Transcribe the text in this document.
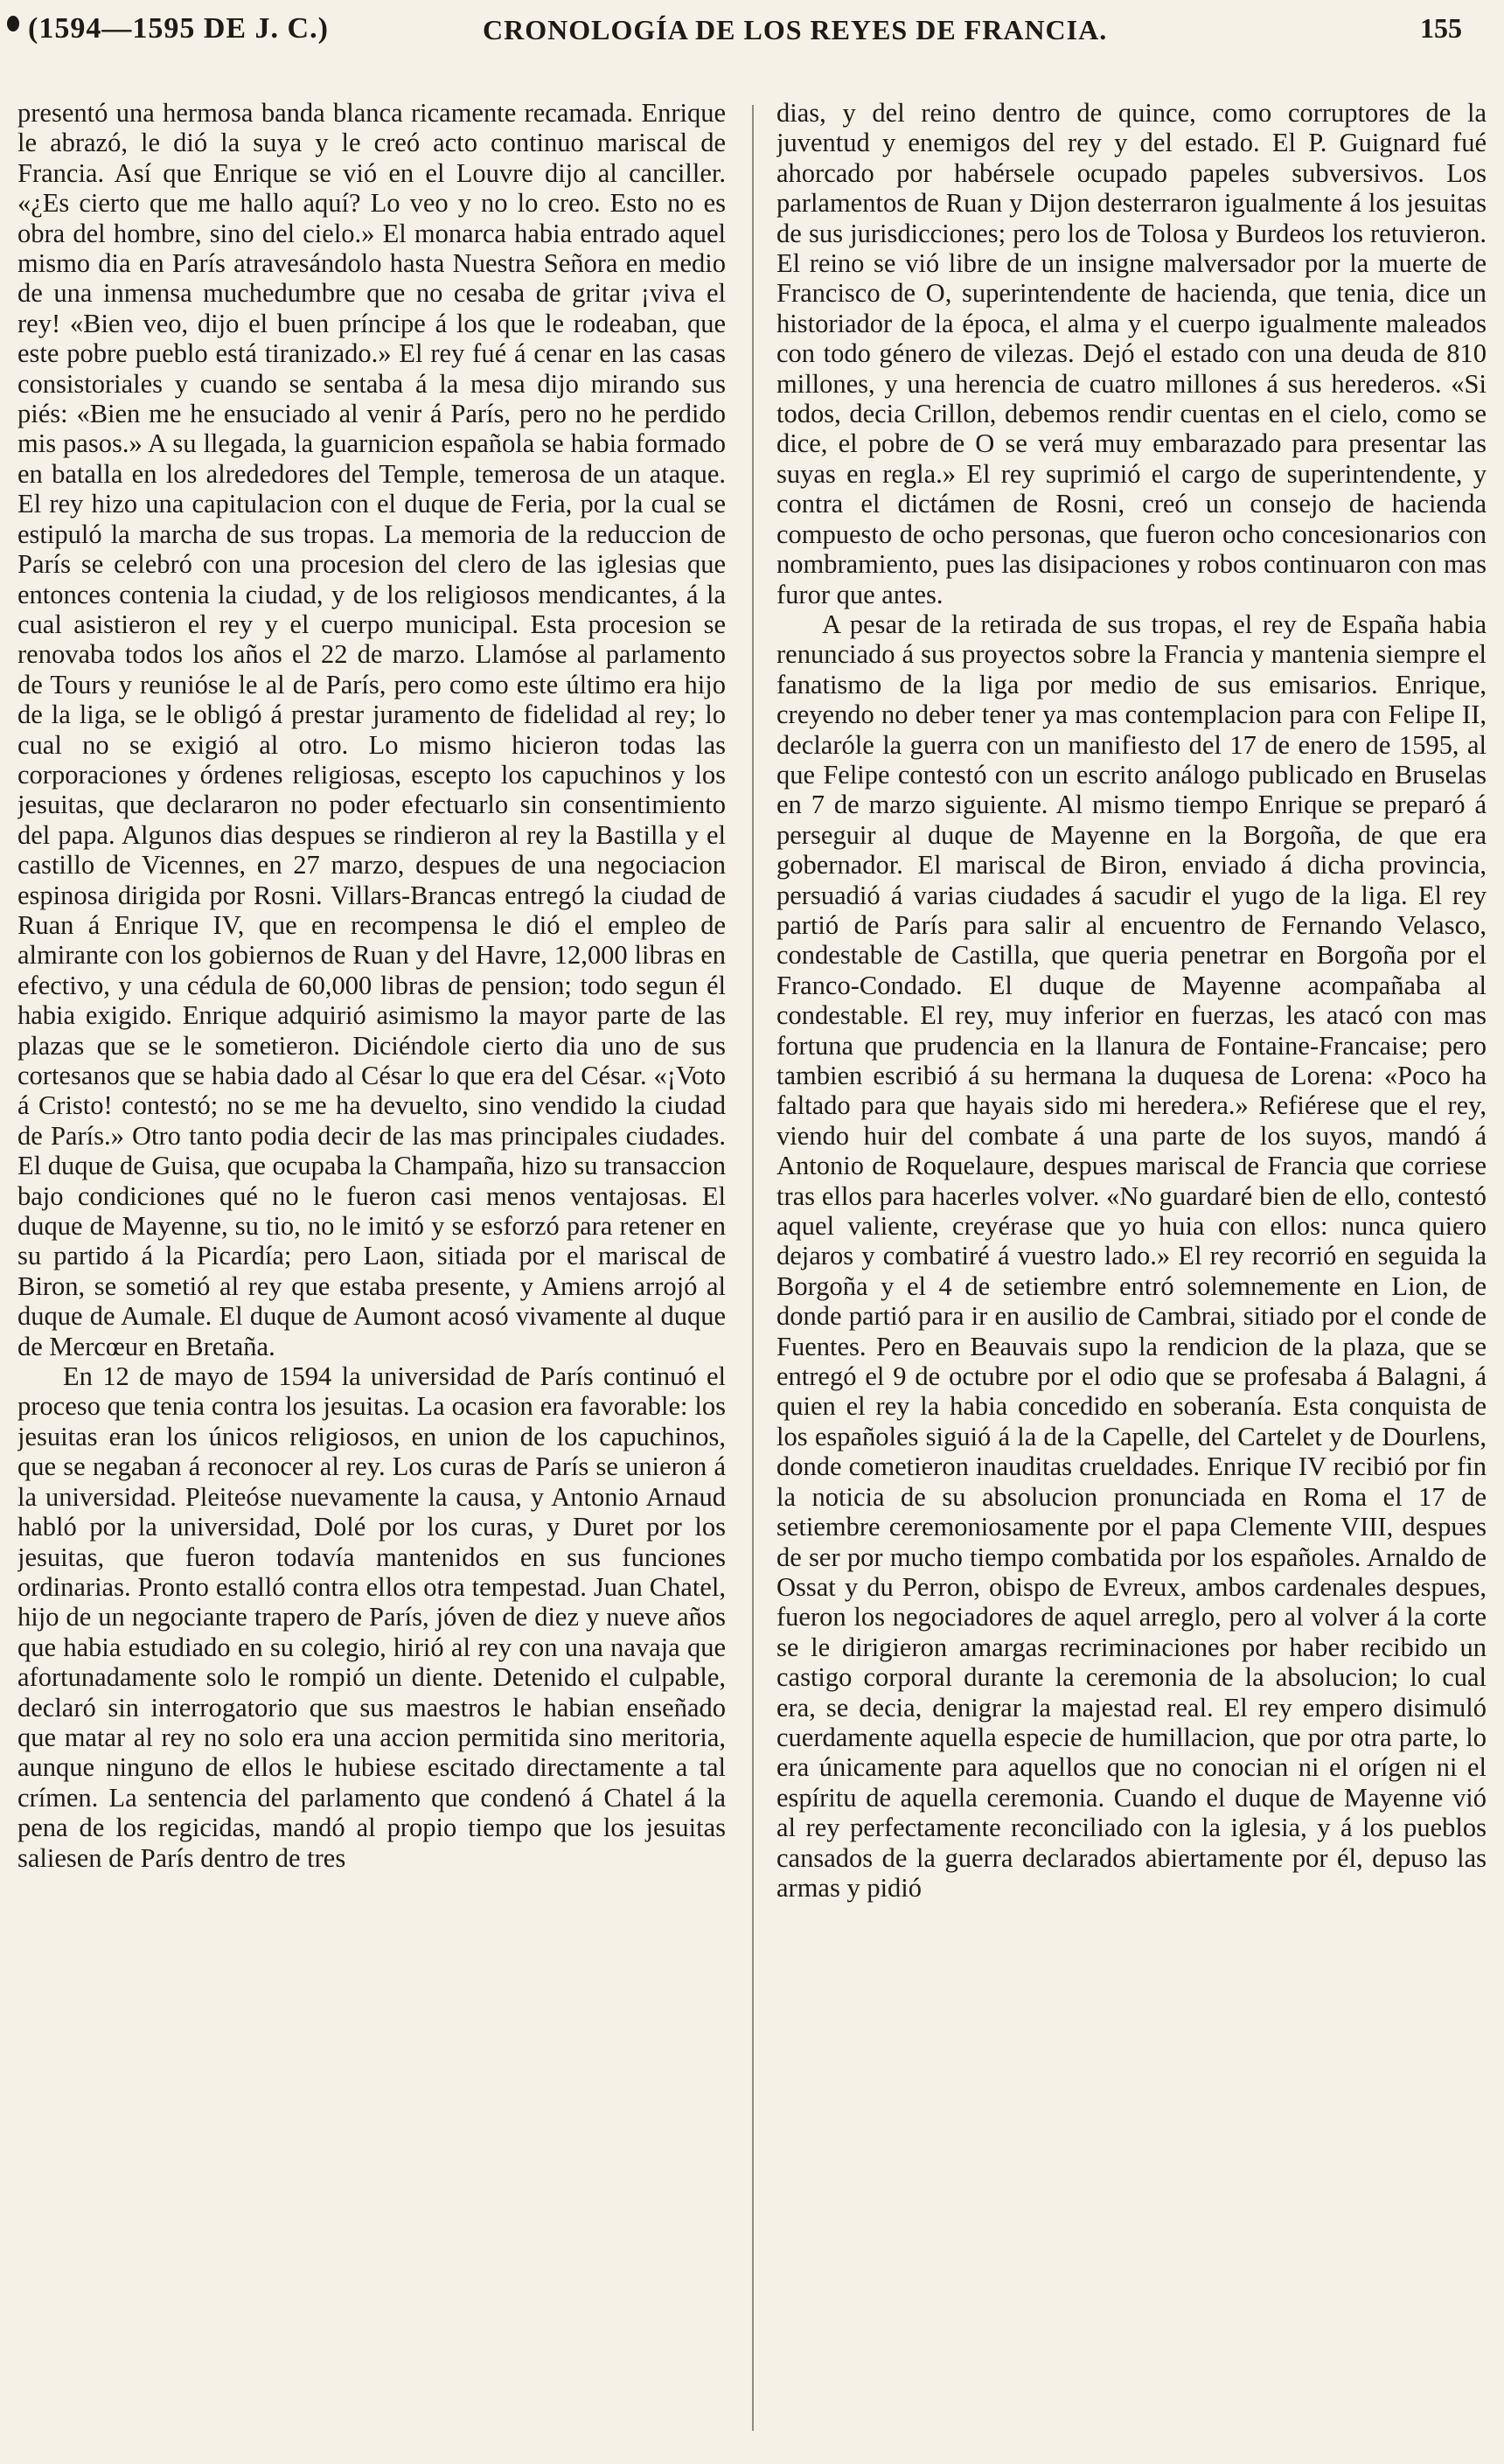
(1594—1595 DE J. C.)	CRONOLOGÍA DE LOS REYES DE FRANCIA.	155

presentó una hermosa banda blanca ricamente recamada. Enrique le abrazó, le dió la suya y le creó acto continuo mariscal de Francia. Así que Enrique se vió en el Louvre dijo al canciller. «¿Es cierto que me hallo aquí? Lo veo y no lo creo. Esto no es obra del hombre, sino del cielo.» El monarca habia entrado aquel mismo dia en París atravesándolo hasta Nuestra Señora en medio de una inmensa muchedumbre que no cesaba de gritar ¡viva el rey! «Bien veo, dijo el buen príncipe á los que le rodeaban, que este pobre pueblo está tiranizado.» El rey fué á cenar en las casas consistoriales y cuando se sentaba á la mesa dijo mirando sus piés: «Bien me he ensuciado al venir á París, pero no he perdido mis pasos.» A su llegada, la guarnicion española se habia formado en batalla en los alrededores del Temple, temerosa de un ataque. El rey hizo una capitulacion con el duque de Feria, por la cual se estipuló la marcha de sus tropas. La memoria de la reduccion de París se celebró con una procesion del clero de las iglesias que entonces contenia la ciudad, y de los religiosos mendicantes, á la cual asistieron el rey y el cuerpo municipal. Esta procesion se renovaba todos los años el 22 de marzo. Llamóse al parlamento de Tours y reunióse le al de París, pero como este último era hijo de la liga, se le obligó á prestar juramento de fidelidad al rey; lo cual no se exigió al otro. Lo mismo hicieron todas las corporaciones y órdenes religiosas, escepto los capuchinos y los jesuitas, que declararon no poder efectuarlo sin consentimiento del papa. Algunos dias despues se rindieron al rey la Bastilla y el castillo de Vicennes, en 27 marzo, despues de una negociacion espinosa dirigida por Rosni. Villars-Brancas entregó la ciudad de Ruan á Enrique IV, que en recompensa le dió el empleo de almirante con los gobiernos de Ruan y del Havre, 12,000 libras en efectivo, y una cédula de 60,000 libras de pension; todo segun él habia exigido. Enrique adquirió asimismo la mayor parte de las plazas que se le sometieron. Diciéndole cierto dia uno de sus cortesanos que se habia dado al César lo que era del César. «¡Voto á Cristo! contestó; no se me ha devuelto, sino vendido la ciudad de París.» Otro tanto podia decir de las mas principales ciudades. El duque de Guisa, que ocupaba la Champaña, hizo su transaccion bajo condiciones qué no le fueron casi menos ventajosas. El duque de Mayenne, su tio, no le imitó y se esforzó para retener en su partido á la Picardía; pero Laon, sitiada por el mariscal de Biron, se sometió al rey que estaba presente, y Amiens arrojó al duque de Aumale. El duque de Aumont acosó vivamente al duque de Mercœur en Bretaña.

En 12 de mayo de 1594 la universidad de París continuó el proceso que tenia contra los jesuitas. La ocasion era favorable: los jesuitas eran los únicos religiosos, en union de los capuchinos, que se negaban á reconocer al rey. Los curas de París se unieron á la universidad. Pleiteóse nuevamente la causa, y Antonio Arnaud habló por la universidad, Dolé por los curas, y Duret por los jesuitas, que fueron todavía mantenidos en sus funciones ordinarias. Pronto estalló contra ellos otra tempestad. Juan Chatel, hijo de un negociante trapero de París, jóven de diez y nueve años que habia estudiado en su colegio, hirió al rey con una navaja que afortunadamente solo le rompió un diente. Detenido el culpable, declaró sin interrogatorio que sus maestros le habian enseñado que matar al rey no solo era una accion permitida sino meritoria, aunque ninguno de ellos le hubiese escitado directamente a tal crímen. La sentencia del parlamento que condenó á Chatel á la pena de los regicidas, mandó al propio tiempo que los jesuitas saliesen de París dentro de tres

dias, y del reino dentro de quince, como corruptores de la juventud y enemigos del rey y del estado. El P. Guignard fué ahorcado por habérsele ocupado papeles subversivos. Los parlamentos de Ruan y Dijon desterraron igualmente á los jesuitas de sus jurisdicciones; pero los de Tolosa y Burdeos los retuvieron. El reino se vió libre de un insigne malversador por la muerte de Francisco de O, superintendente de hacienda, que tenia, dice un historiador de la época, el alma y el cuerpo igualmente maleados con todo género de vilezas. Dejó el estado con una deuda de 810 millones, y una herencia de cuatro millones á sus herederos. «Si todos, decia Crillon, debemos rendir cuentas en el cielo, como se dice, el pobre de O se verá muy embarazado para presentar las suyas en regla.» El rey suprimió el cargo de superintendente, y contra el dictámen de Rosni, creó un consejo de hacienda compuesto de ocho personas, que fueron ocho concesionarios con nombramiento, pues las disipaciones y robos continuaron con mas furor que antes.

A pesar de la retirada de sus tropas, el rey de España habia renunciado á sus proyectos sobre la Francia y mantenia siempre el fanatismo de la liga por medio de sus emisarios. Enrique, creyendo no deber tener ya mas contemplacion para con Felipe II, declaróle la guerra con un manifiesto del 17 de enero de 1595, al que Felipe contestó con un escrito análogo publicado en Bruselas en 7 de marzo siguiente. Al mismo tiempo Enrique se preparó á perseguir al duque de Mayenne en la Borgoña, de que era gobernador. El mariscal de Biron, enviado á dicha provincia, persuadió á varias ciudades á sacudir el yugo de la liga. El rey partió de París para salir al encuentro de Fernando Velasco, condestable de Castilla, que queria penetrar en Borgoña por el Franco-Condado. El duque de Mayenne acompañaba al condestable. El rey, muy inferior en fuerzas, les atacó con mas fortuna que prudencia en la llanura de Fontaine-Francaise; pero tambien escribió á su hermana la duquesa de Lorena: «Poco ha faltado para que hayais sido mi heredera.» Refiérese que el rey, viendo huir del combate á una parte de los suyos, mandó á Antonio de Roquelaure, despues mariscal de Francia que corriese tras ellos para hacerles volver. «No guardaré bien de ello, contestó aquel valiente, creyérase que yo huia con ellos: nunca quiero dejaros y combatiré á vuestro lado.» El rey recorrió en seguida la Borgoña y el 4 de setiembre entró solemnemente en Lion, de donde partió para ir en ausilio de Cambrai, sitiado por el conde de Fuentes. Pero en Beauvais supo la rendicion de la plaza, que se entregó el 9 de octubre por el odio que se profesaba á Balagni, á quien el rey la habia concedido en soberanía. Esta conquista de los españoles siguió á la de la Capelle, del Cartelet y de Dourlens, donde cometieron inauditas crueldades. Enrique IV recibió por fin la noticia de su absolucion pronunciada en Roma el 17 de setiembre ceremoniosamente por el papa Clemente VIII, despues de ser por mucho tiempo combatida por los españoles. Arnaldo de Ossat y du Perron, obispo de Evreux, ambos cardenales despues, fueron los negociadores de aquel arreglo, pero al volver á la corte se le dirigieron amargas recriminaciones por haber recibido un castigo corporal durante la ceremonia de la absolucion; lo cual era, se decia, denigrar la majestad real. El rey empero disimuló cuerdamente aquella especie de humillacion, que por otra parte, lo era únicamente para aquellos que no conocian ni el orígen ni el espíritu de aquella ceremonia. Cuando el duque de Mayenne vió al rey perfectamente reconciliado con la iglesia, y á los pueblos cansados de la guerra declarados abiertamente por él, depuso las armas y pidió
